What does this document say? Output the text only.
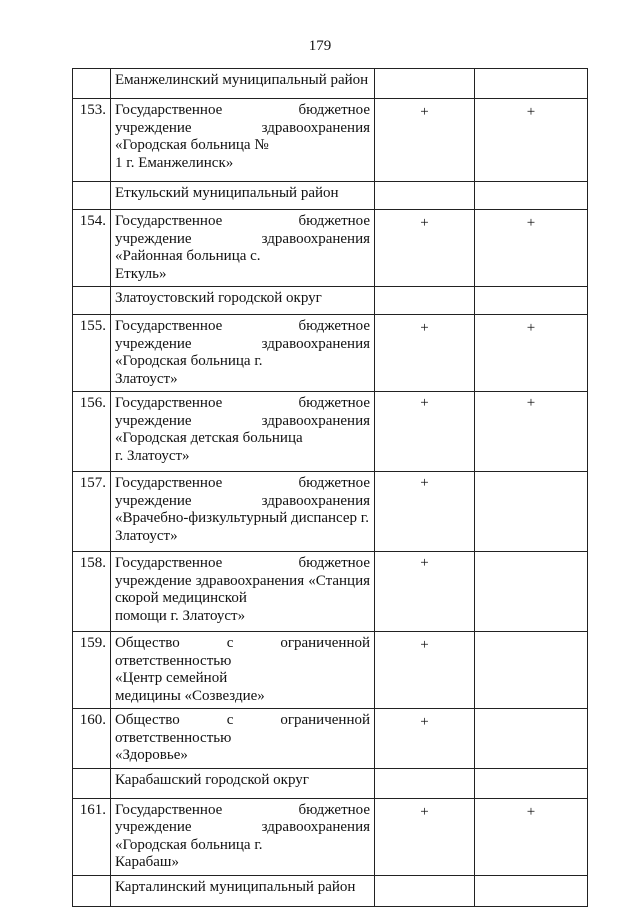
179
	Еманжелинский муниципальный район		
153.	Государственное бюджетное учреждение здравоохранения «Городская больница №
1 г. Еманжелинск»	+	+
	Еткульский муниципальный район		
154.	Государственное бюджетное учреждение здравоохранения «Районная больница с.
Еткуль»	+	+
	Златоустовский городской округ		
155.	Государственное бюджетное учреждение здравоохранения «Городская больница г.
Златоуст»	+	+
156.	Государственное бюджетное учреждение здравоохранения «Городская детская больница
г. Златоуст»	+	+
157.	Государственное бюджетное учреждение здравоохранения «Врачебно-физкультурный диспансер г.
Златоуст»	+	
158.	Государственное бюджетное учреждение здравоохранения «Станция скорой медицинской
помощи г. Златоуст»	+	
159.	Общество с ограниченной ответственностью
«Центр семейной
медицины «Созвездие»	+	
160.	Общество с ограниченной ответственностью
«Здоровье»	+	
	Карабашский городской округ		
161.	Государственное бюджетное учреждение здравоохранения «Городская больница г.
Карабаш»	+	+
	Карталинский муниципальный район		
